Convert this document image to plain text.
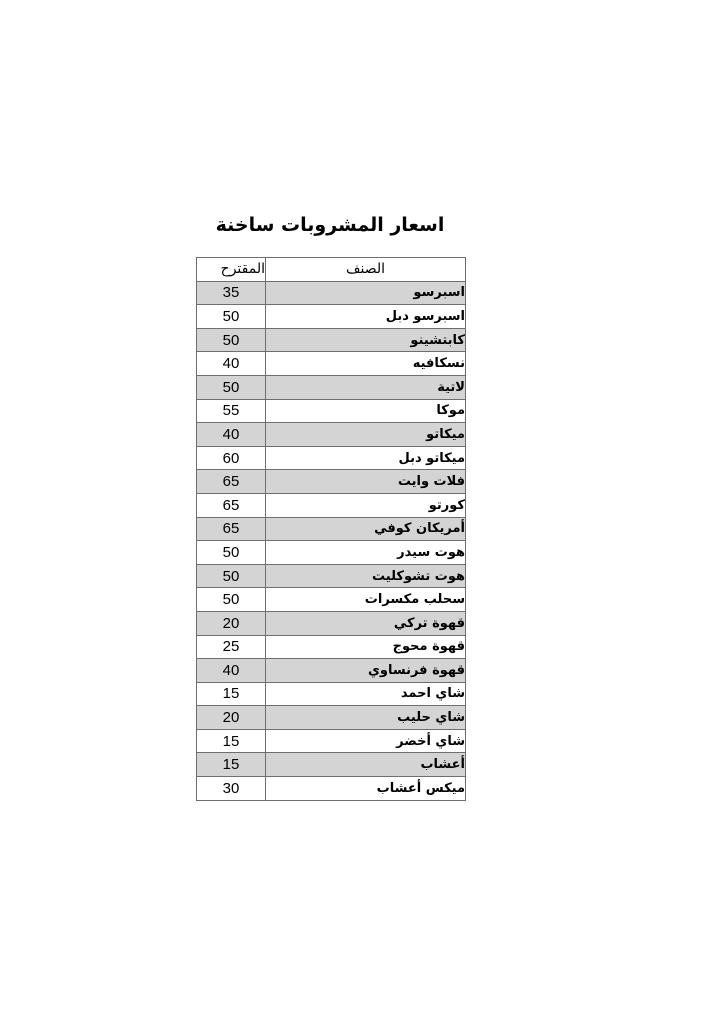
اسعار المشروبات ساخنة
المقترح	الصنف
35	اسبرسو
50	اسبرسو دبل
50	كابتشينو
40	نسكافيه
50	لاتية
55	موكا
40	ميكاتو
60	ميكاتو دبل
65	فلات وايت
65	كورتو
65	أمريكان كوفي
50	هوت سيدر
50	هوت تشوكليت
50	سحلب مكسرات
20	قهوة تركي
25	قهوة محوج
40	قهوة فرنساوي
15	شاي احمد
20	شاي حليب
15	شاي أخضر
15	أعشاب
30	ميكس أعشاب
